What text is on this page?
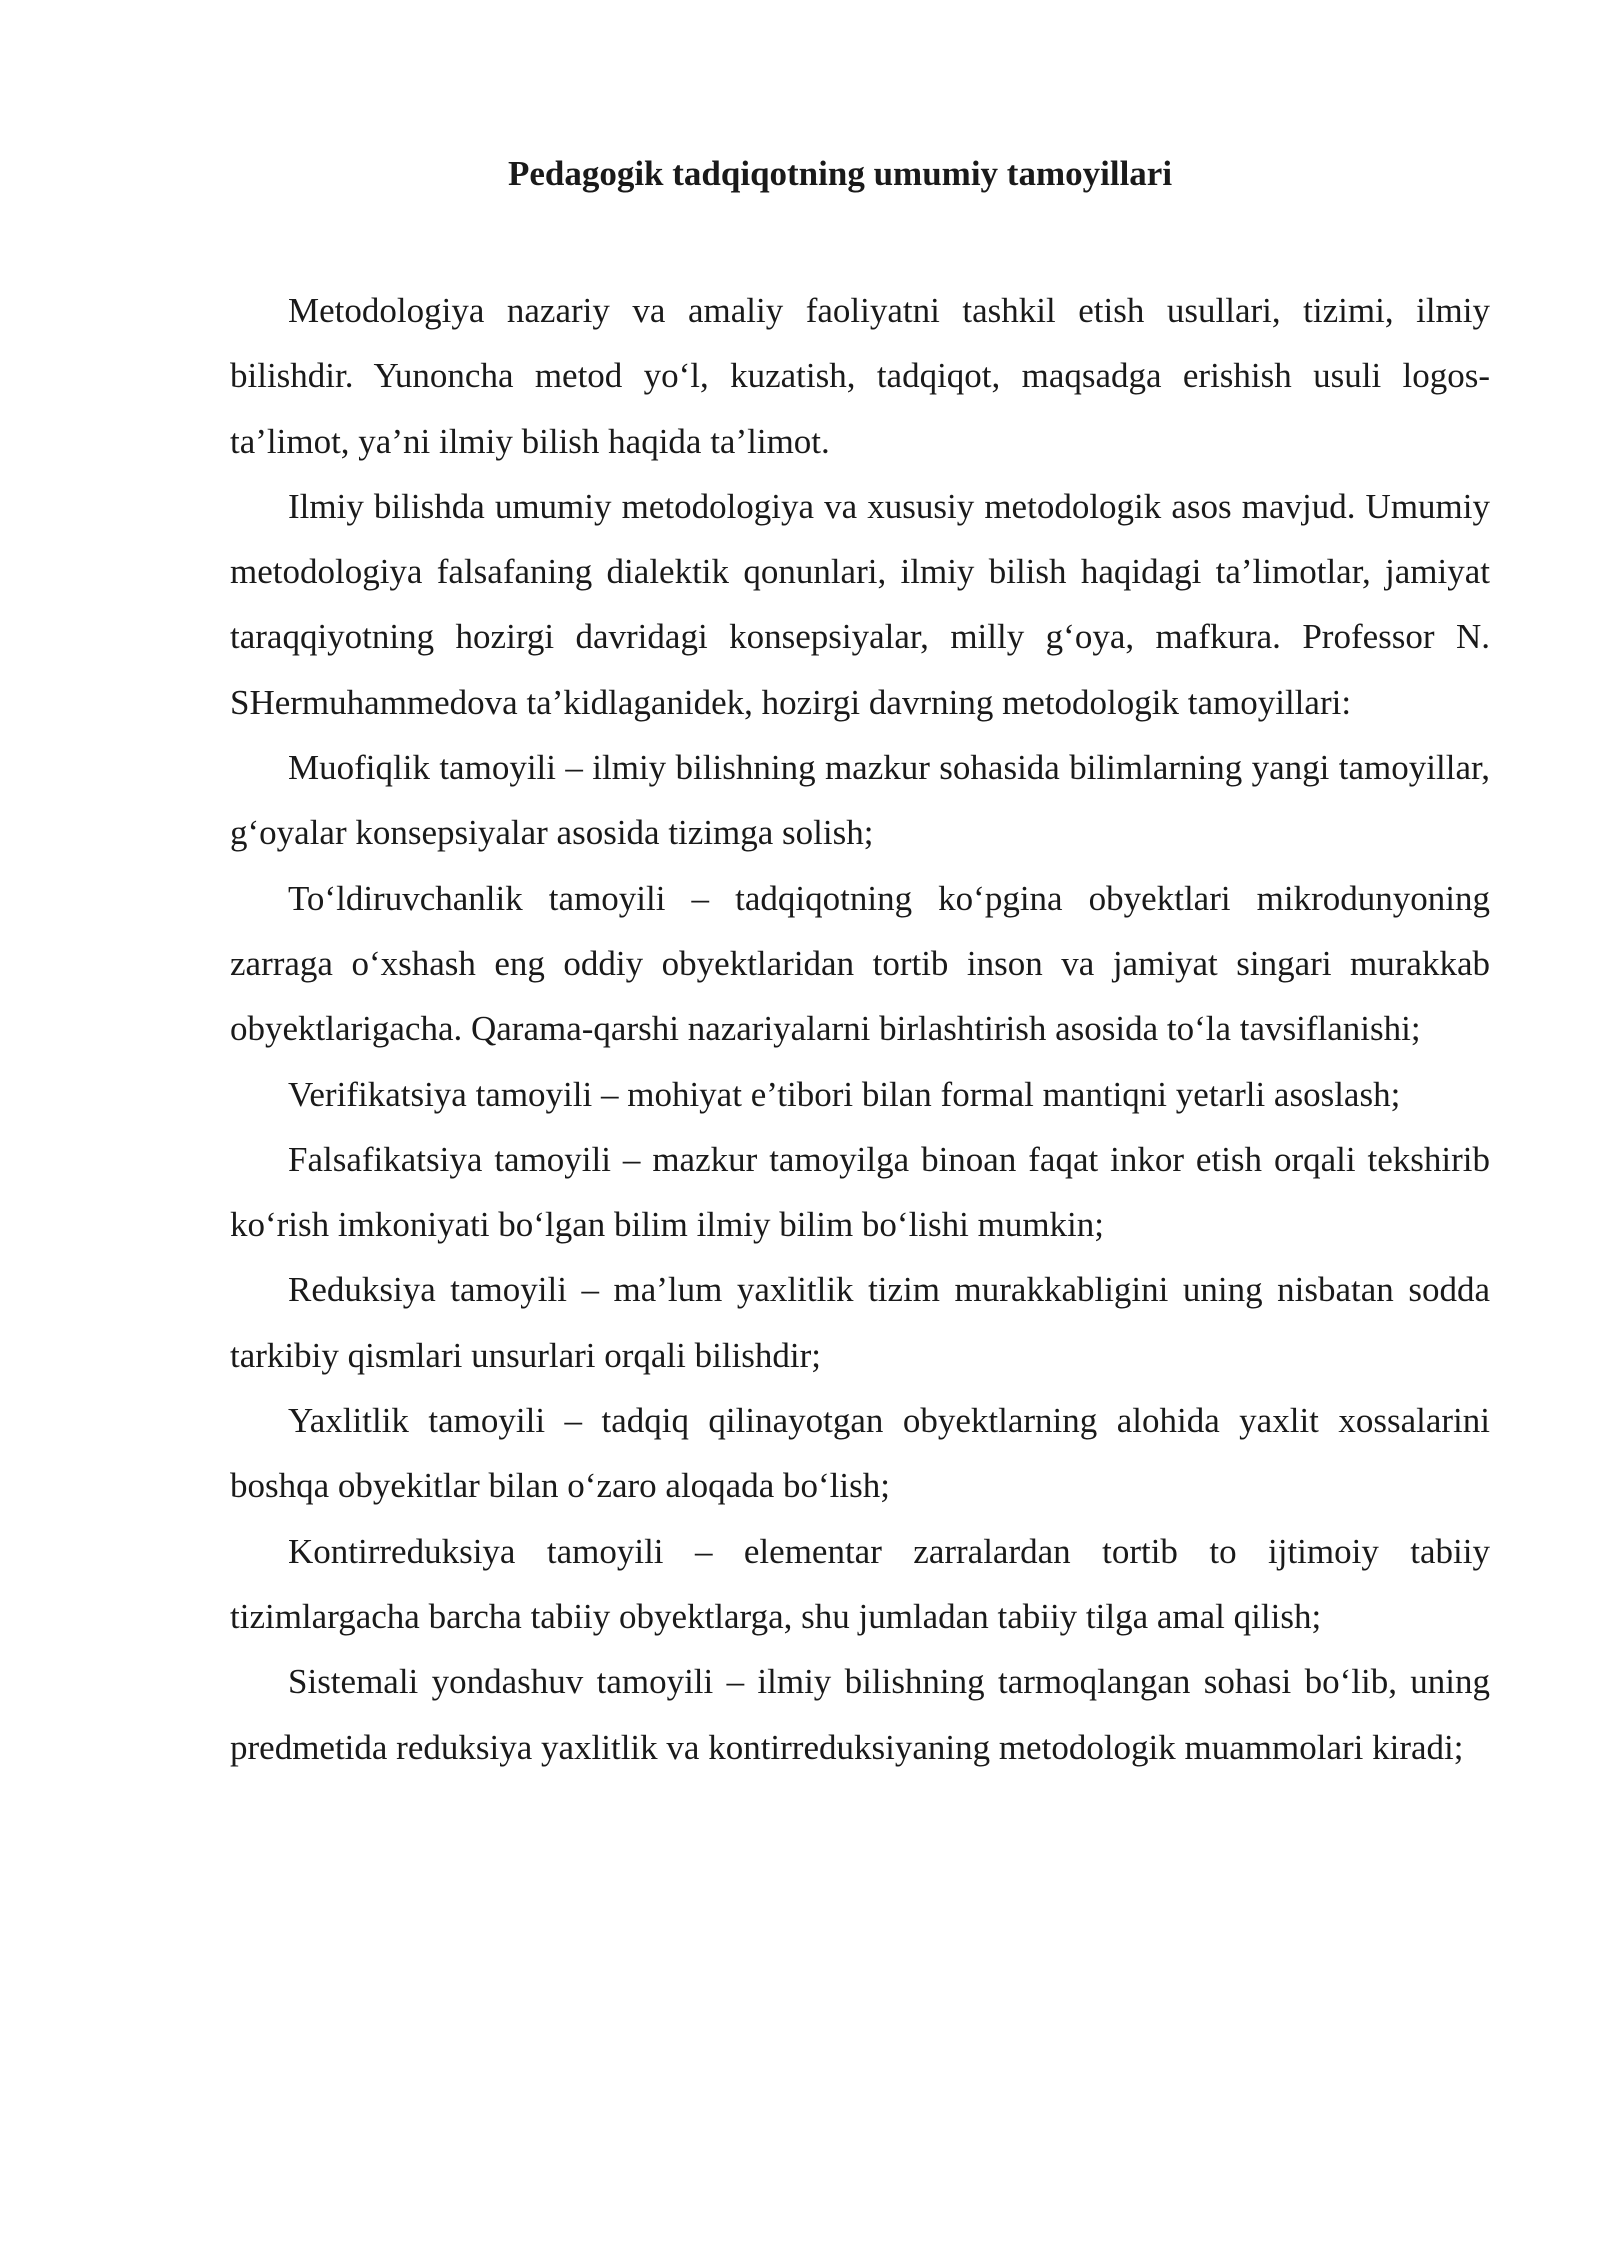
Pedagogik tadqiqotning umumiy tamoyillari

Metodologiya nazariy va amaliy faoliyatni tashkil etish usullari, tizimi, ilmiy bilishdir. Yunoncha metod yo‘l, kuzatish, tadqiqot, maqsadga erishish usuli logos-ta’limot, ya’ni ilmiy bilish haqida ta’limot.

Ilmiy bilishda umumiy metodologiya va xususiy metodologik asos mavjud. Umumiy metodologiya falsafaning dialektik qonunlari, ilmiy bilish haqidagi ta’limotlar, jamiyat taraqqiyotning hozirgi davridagi konsepsiyalar, milly g‘oya, mafkura. Professor N. SHermuhammedova ta’kidlaganidek, hozirgi davrning metodologik tamoyillari:

Muofiqlik tamoyili – ilmiy bilishning mazkur sohasida bilimlarning yangi tamoyillar, g‘oyalar konsepsiyalar asosida tizimga solish;

To‘ldiruvchanlik tamoyili – tadqiqotning ko‘pgina obyektlari mikrodunyoning zarraga o‘xshash eng oddiy obyektlaridan tortib inson va jamiyat singari murakkab obyektlarigacha. Qarama-qarshi nazariyalarni birlashtirish asosida to‘la tavsiflanishi;

Verifikatsiya tamoyili – mohiyat e’tibori bilan formal mantiqni yetarli asoslash;

Falsafikatsiya tamoyili – mazkur tamoyilga binoan faqat inkor etish orqali tekshirib ko‘rish imkoniyati bo‘lgan bilim ilmiy bilim bo‘lishi mumkin;

Reduksiya tamoyili – ma’lum yaxlitlik tizim murakkabligini uning nisbatan sodda tarkibiy qismlari unsurlari orqali bilishdir;

Yaxlitlik tamoyili – tadqiq qilinayotgan obyektlarning alohida yaxlit xossalarini boshqa obyekitlar bilan o‘zaro aloqada bo‘lish;

Kontirreduksiya tamoyili – elementar zarralardan tortib to ijtimoiy tabiiy tizimlargacha barcha tabiiy obyektlarga, shu jumladan tabiiy tilga amal qilish;

Sistemali yondashuv tamoyili – ilmiy bilishning tarmoqlangan sohasi bo‘lib, uning predmetida reduksiya yaxlitlik va kontirreduksiyaning metodologik muammolari kiradi;
